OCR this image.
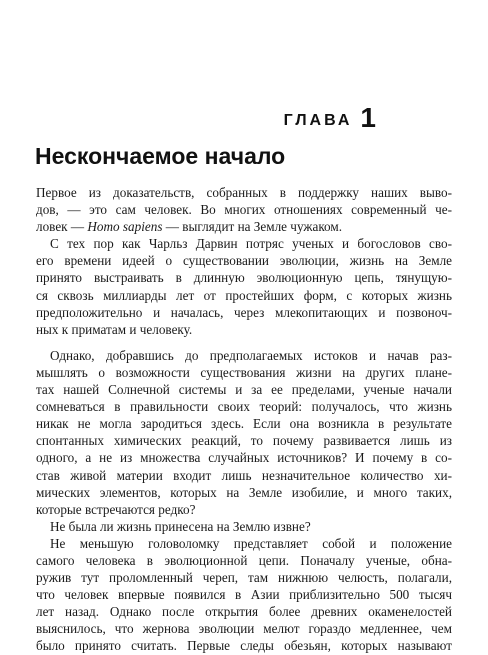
ГЛАВА 1
Нескончаемое начало
Первое из доказательств, собранных в поддержку наших выво-
дов, — это сам человек. Во многих отношениях современный че-
ловек — Homo sapiens — выглядит на Земле чужаком.
С тех пор как Чарльз Дарвин потряс ученых и богословов сво-
его времени идеей о существовании эволюции, жизнь на Земле
принято выстраивать в длинную эволюционную цепь, тянущую-
ся сквозь миллиарды лет от простейших форм, с которых жизнь
предположительно и началась, через млекопитающих и позвоноч-
ных к приматам и человеку.
Однако, добравшись до предполагаемых истоков и начав раз-
мышлять о возможности существования жизни на других плане-
тах нашей Солнечной системы и за ее пределами, ученые начали
сомневаться в правильности своих теорий: получалось, что жизнь
никак не могла зародиться здесь. Если она возникла в результате
спонтанных химических реакций, то почему развивается лишь из
одного, а не из множества случайных источников? И почему в со-
став живой материи входит лишь незначительное количество хи-
мических элементов, которых на Земле изобилие, и много таких,
которые встречаются редко?
Не была ли жизнь принесена на Землю извне?
Не меньшую головоломку представляет собой и положение
самого человека в эволюционной цепи. Поначалу ученые, обна-
ружив тут проломленный череп, там нижнюю челюсть, полагали,
что человек впервые появился в Азии приблизительно 500 тысяч
лет назад. Однако после открытия более древних окаменелостей
выяснилось, что жернова эволюции мелют гораздо медленнее, чем
было принято считать. Первые следы обезьян, которых называют
